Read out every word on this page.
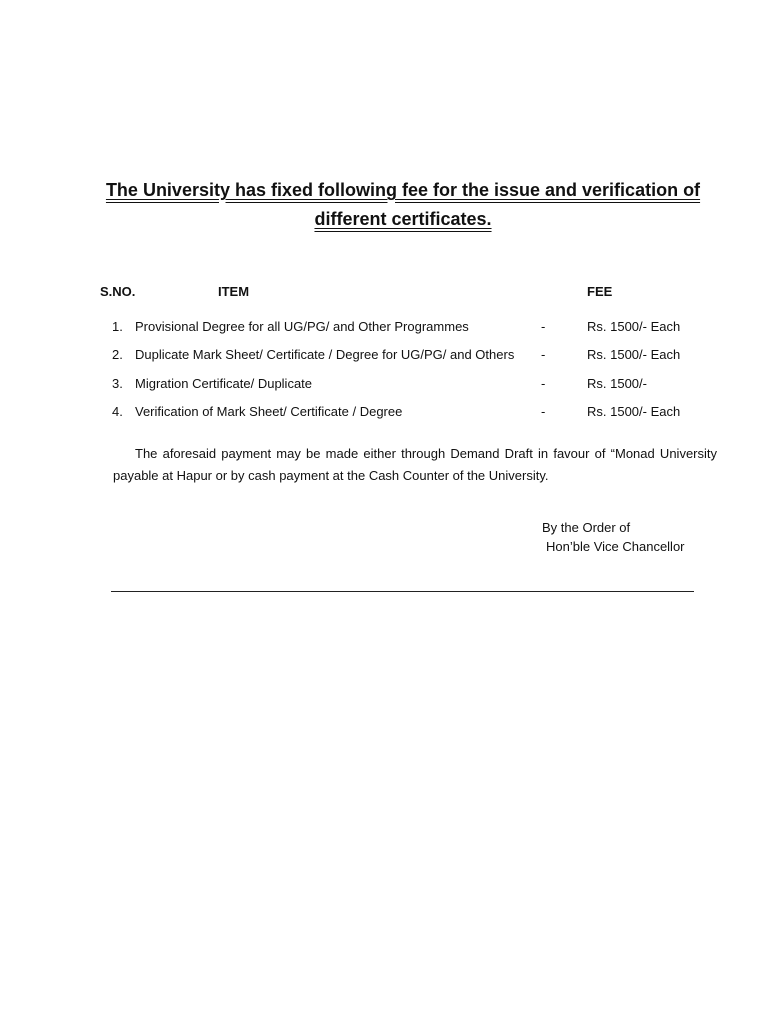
The University has fixed following fee for the issue and verification of different certificates.
S.NO.	ITEM	FEE
1. Provisional Degree for all UG/PG/ and Other Programmes	-	Rs. 1500/- Each
2. Duplicate Mark Sheet/ Certificate / Degree for UG/PG/ and Others -	Rs. 1500/- Each
3. Migration Certificate/ Duplicate	-	Rs. 1500/-
4. Verification of Mark Sheet/ Certificate / Degree	-	Rs. 1500/- Each
The aforesaid payment may be made either through Demand Draft in favour of “Monad University payable at Hapur or by cash payment at the Cash Counter of the University.
By the Order of
Hon’ble Vice Chancellor
